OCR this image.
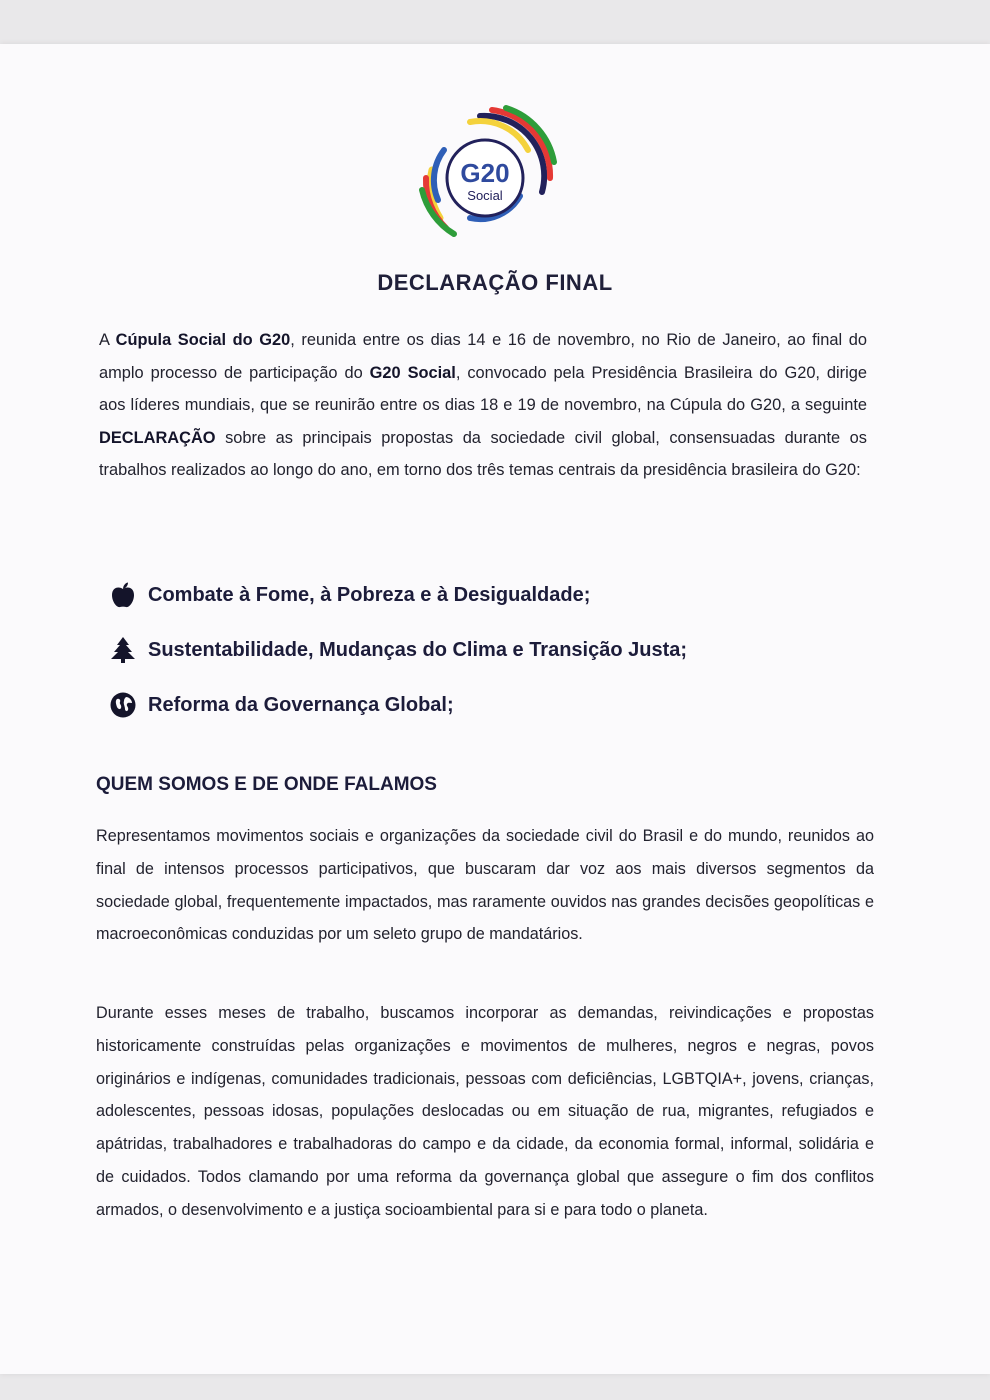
G20
Social
DECLARAÇÃO FINAL
A Cúpula Social do G20, reunida entre os dias 14 e 16 de novembro, no Rio de Janeiro, ao final do amplo processo de participação do G20 Social, convocado pela Presidência Brasileira do G20, dirige aos líderes mundiais, que se reunirão entre os dias 18 e 19 de novembro, na Cúpula do G20, a seguinte DECLARAÇÃO sobre as principais propostas da sociedade civil global, consensuadas durante os trabalhos realizados ao longo do ano, em torno dos três temas centrais da presidência brasileira do G20:
Combate à Fome, à Pobreza e à Desigualdade;
Sustentabilidade, Mudanças do Clima e Transição Justa;
Reforma da Governança Global;
QUEM SOMOS E DE ONDE FALAMOS
Representamos movimentos sociais e organizações da sociedade civil do Brasil e do mundo, reunidos ao final de intensos processos participativos, que buscaram dar voz aos mais diversos segmentos da sociedade global, frequentemente impactados, mas raramente ouvidos nas grandes decisões geopolíticas e macroeconômicas conduzidas por um seleto grupo de mandatários.
Durante esses meses de trabalho, buscamos incorporar as demandas, reivindicações e propostas historicamente construídas pelas organizações e movimentos de mulheres, negros e negras, povos originários e indígenas, comunidades tradicionais, pessoas com deficiências, LGBTQIA+, jovens, crianças, adolescentes, pessoas idosas, populações deslocadas ou em situação de rua, migrantes, refugiados e apátridas, trabalhadores e trabalhadoras do campo e da cidade, da economia formal, informal, solidária e de cuidados. Todos clamando por uma reforma da governança global que assegure o fim dos conflitos armados, o desenvolvimento e a justiça socioambiental para si e para todo o planeta.
